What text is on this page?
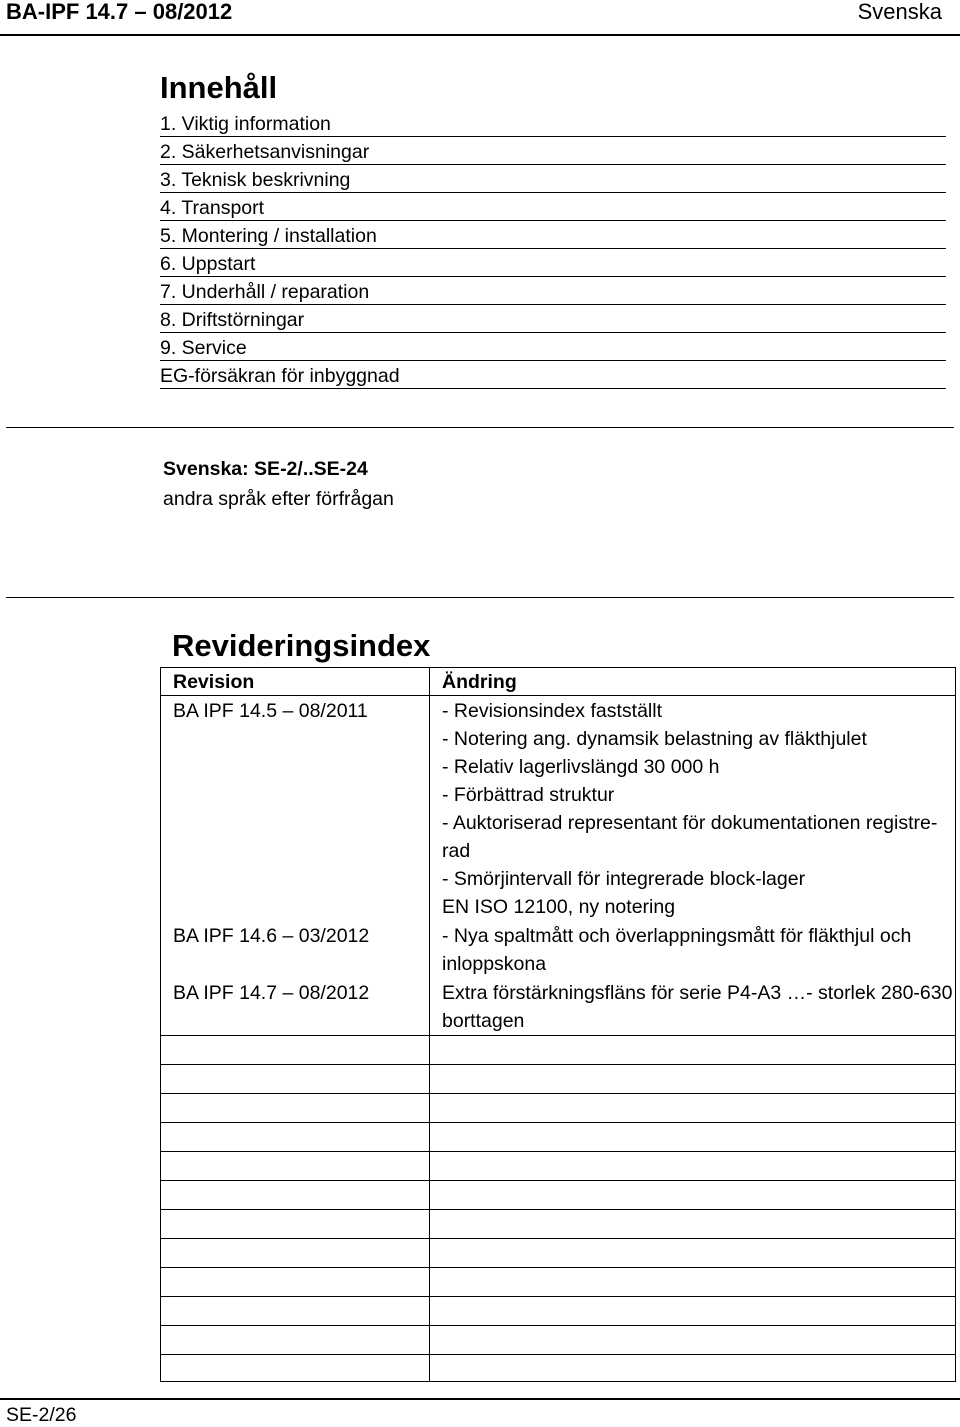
BA-IPF 14.7 – 08/2012	Svenska
Innehåll
1. Viktig information
2. Säkerhetsanvisningar
3. Teknisk beskrivning
4. Transport
5. Montering / installation
6. Uppstart
7. Underhåll / reparation
8. Driftstörningar
9. Service
EG-försäkran för inbyggnad
Svenska: SE-2/..SE-24
andra språk efter förfrågan
Revideringsindex
Revision	Ändring
BA IPF 14.5 – 08/2011	- Revisionsindex fastställt
- Notering ang. dynamsik belastning av fläkthjulet
- Relativ lagerlivslängd 30 000 h
- Förbättrad struktur
- Auktoriserad representant för dokumentationen registre-
rad
- Smörjintervall för integrerade block-lager
EN ISO 12100, ny notering
BA IPF 14.6 – 03/2012	- Nya spaltmått och överlappningsmått för fläkthjul och
inloppskona
BA IPF 14.7 – 08/2012	Extra förstärkningsfläns för serie P4-A3 …- storlek 280-630
borttagen
SE-2/26
